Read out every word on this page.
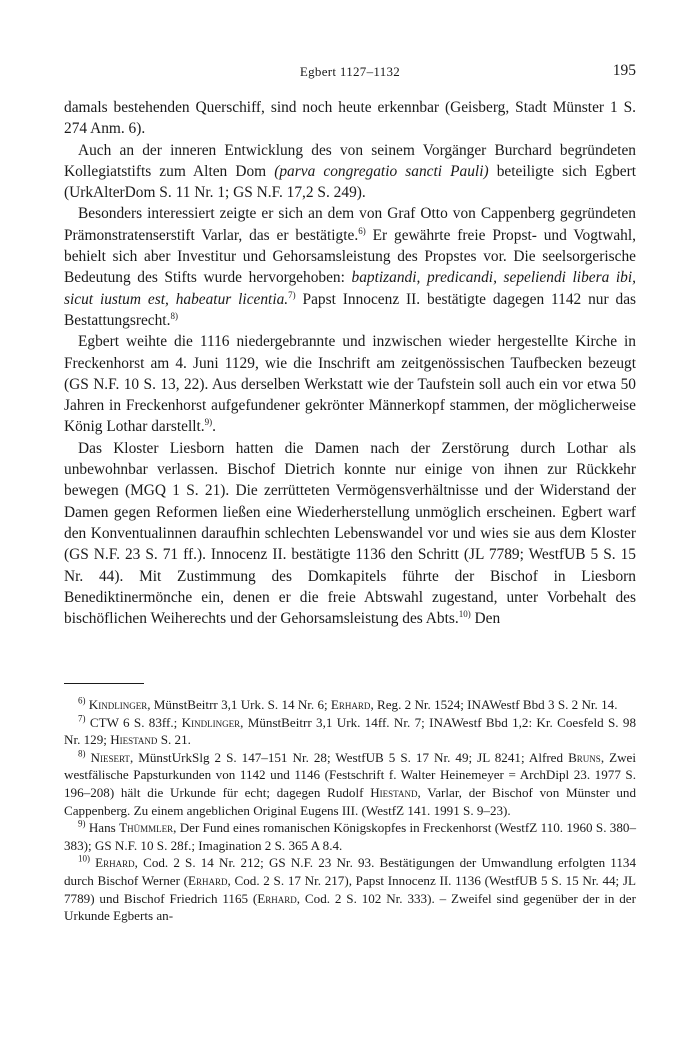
Egbert 1127–1132	195

damals bestehenden Querschiff, sind noch heute erkennbar (Geisberg, Stadt Münster 1 S. 274 Anm. 6).

Auch an der inneren Entwicklung des von seinem Vorgänger Burchard begründeten Kollegiatstifts zum Alten Dom (parva congregatio sancti Pauli) beteiligte sich Egbert (UrkAlterDom S. 11 Nr. 1; GS N.F. 17,2 S. 249).

Besonders interessiert zeigte er sich an dem von Graf Otto von Cappenberg gegründeten Prämonstratenserstift Varlar, das er bestätigte.$^{6)}$ Er gewährte freie Propst- und Vogtwahl, behielt sich aber Investitur und Gehorsamsleistung des Propstes vor. Die seelsorgerische Bedeutung des Stifts wurde hervorgehoben: baptizandi, predicandi, sepeliendi libera ibi, sicut iustum est, habeatur licentia.$^{7)}$ Papst Innocenz II. bestätigte dagegen 1142 nur das Bestattungsrecht.$^{8)}$

Egbert weihte die 1116 niedergebrannte und inzwischen wieder hergestellte Kirche in Freckenhorst am 4. Juni 1129, wie die Inschrift am zeitgenössischen Taufbecken bezeugt (GS N.F. 10 S. 13, 22). Aus derselben Werkstatt wie der Taufstein soll auch ein vor etwa 50 Jahren in Freckenhorst aufgefundener gekrönter Männerkopf stammen, der möglicherweise König Lothar darstellt.$^{9)}$.

Das Kloster Liesborn hatten die Damen nach der Zerstörung durch Lothar als unbewohnbar verlassen. Bischof Dietrich konnte nur einige von ihnen zur Rückkehr bewegen (MGQ 1 S. 21). Die zerrütteten Vermögensverhältnisse und der Widerstand der Damen gegen Reformen ließen eine Wiederherstellung unmöglich erscheinen. Egbert warf den Konventualinnen daraufhin schlechten Lebenswandel vor und wies sie aus dem Kloster (GS N.F. 23 S. 71 ff.). Innocenz II. bestätigte 1136 den Schritt (JL 7789; WestfUB 5 S. 15 Nr. 44). Mit Zustimmung des Domkapitels führte der Bischof in Liesborn Benediktinermönche ein, denen er die freie Abtswahl zugestand, unter Vorbehalt des bischöflichen Weiherechts und der Gehorsamsleistung des Abts.$^{10)}$ Den

$^{6)}$ Kindlinger, MünstBeitrr 3,1 Urk. S. 14 Nr. 6; Erhard, Reg. 2 Nr. 1524; INAWestf Bbd 3 S. 2 Nr. 14.

$^{7)}$ CTW 6 S. 83ff.; Kindlinger, MünstBeitrr 3,1 Urk. 14ff. Nr. 7; INAWestf Bbd 1,2: Kr. Coesfeld S. 98 Nr. 129; Hiestand S. 21.

$^{8)}$ Niesert, MünstUrkSlg 2 S. 147–151 Nr. 28; WestfUB 5 S. 17 Nr. 49; JL 8241; Alfred Bruns, Zwei westfälische Papsturkunden von 1142 und 1146 (Festschrift f. Walter Heinemeyer = ArchDipl 23. 1977 S. 196–208) hält die Urkunde für echt; dagegen Rudolf Hiestand, Varlar, der Bischof von Münster und Cappenberg. Zu einem angeblichen Original Eugens III. (WestfZ 141. 1991 S. 9–23).

$^{9)}$ Hans Thümmler, Der Fund eines romanischen Königskopfes in Freckenhorst (WestfZ 110. 1960 S. 380–383); GS N.F. 10 S. 28f.; Imagination 2 S. 365 A 8.4.

$^{10)}$ Erhard, Cod. 2 S. 14 Nr. 212; GS N.F. 23 Nr. 93. Bestätigungen der Umwandlung erfolgten 1134 durch Bischof Werner (Erhard, Cod. 2 S. 17 Nr. 217), Papst Innocenz II. 1136 (WestfUB 5 S. 15 Nr. 44; JL 7789) und Bischof Friedrich 1165 (Erhard, Cod. 2 S. 102 Nr. 333). – Zweifel sind gegenüber der in der Urkunde Egberts an-
